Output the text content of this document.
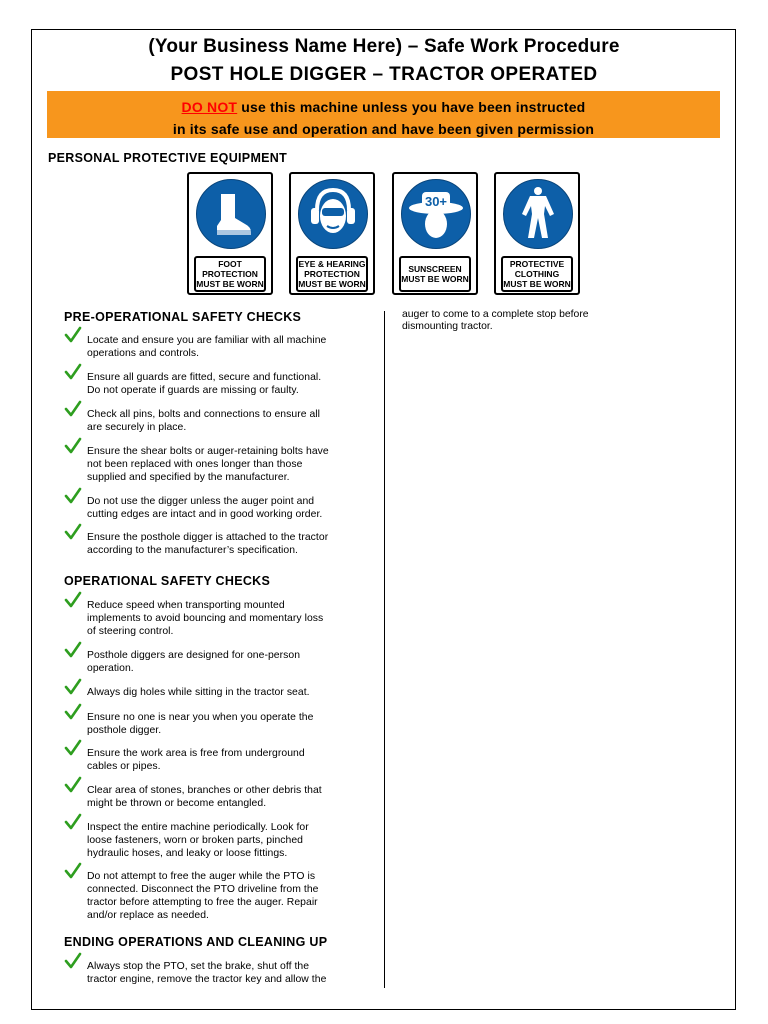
(Your Business Name Here) – Safe Work Procedure
POST HOLE DIGGER – TRACTOR OPERATED
DO NOT use this machine unless you have been instructed
in its safe use and operation and have been given permission
PERSONAL PROTECTIVE EQUIPMENT
FOOT
PROTECTION
MUST BE WORN
EYE & HEARING
PROTECTION
MUST BE WORN
30+
SUNSCREEN
MUST BE WORN
PROTECTIVE
CLOTHING
MUST BE WORN
PRE-OPERATIONAL SAFETY CHECKS
Locate and ensure you are familiar with all machine
operations and controls.
Ensure all guards are fitted, secure and functional.
Do not operate if guards are missing or faulty.
Check all pins, bolts and connections to ensure all
are securely in place.
Ensure the shear bolts or auger-retaining bolts have
not been replaced with ones longer than those
supplied and specified by the manufacturer.
Do not use the digger unless the auger point and
cutting edges are intact and in good working order.
Ensure the posthole digger is attached to the tractor
according to the manufacturer’s specification.
OPERATIONAL SAFETY CHECKS
Reduce speed when transporting mounted
implements to avoid bouncing and momentary loss
of steering control.
Posthole diggers are designed for one-person
operation.
Always dig holes while sitting in the tractor seat.
Ensure no one is near you when you operate the
posthole digger.
Ensure the work area is free from underground
cables or pipes.
Clear area of stones, branches or other debris that
might be thrown or become entangled.
Inspect the entire machine periodically. Look for
loose fasteners, worn or broken parts, pinched
hydraulic hoses, and leaky or loose fittings.
Do not attempt to free the auger while the PTO is
connected. Disconnect the PTO driveline from the
tractor before attempting to free the auger. Repair
and/or replace as needed.
ENDING OPERATIONS AND CLEANING UP
Always stop the PTO, set the brake, shut off the
tractor engine, remove the tractor key and allow the
auger to come to a complete stop before
dismounting tractor.
